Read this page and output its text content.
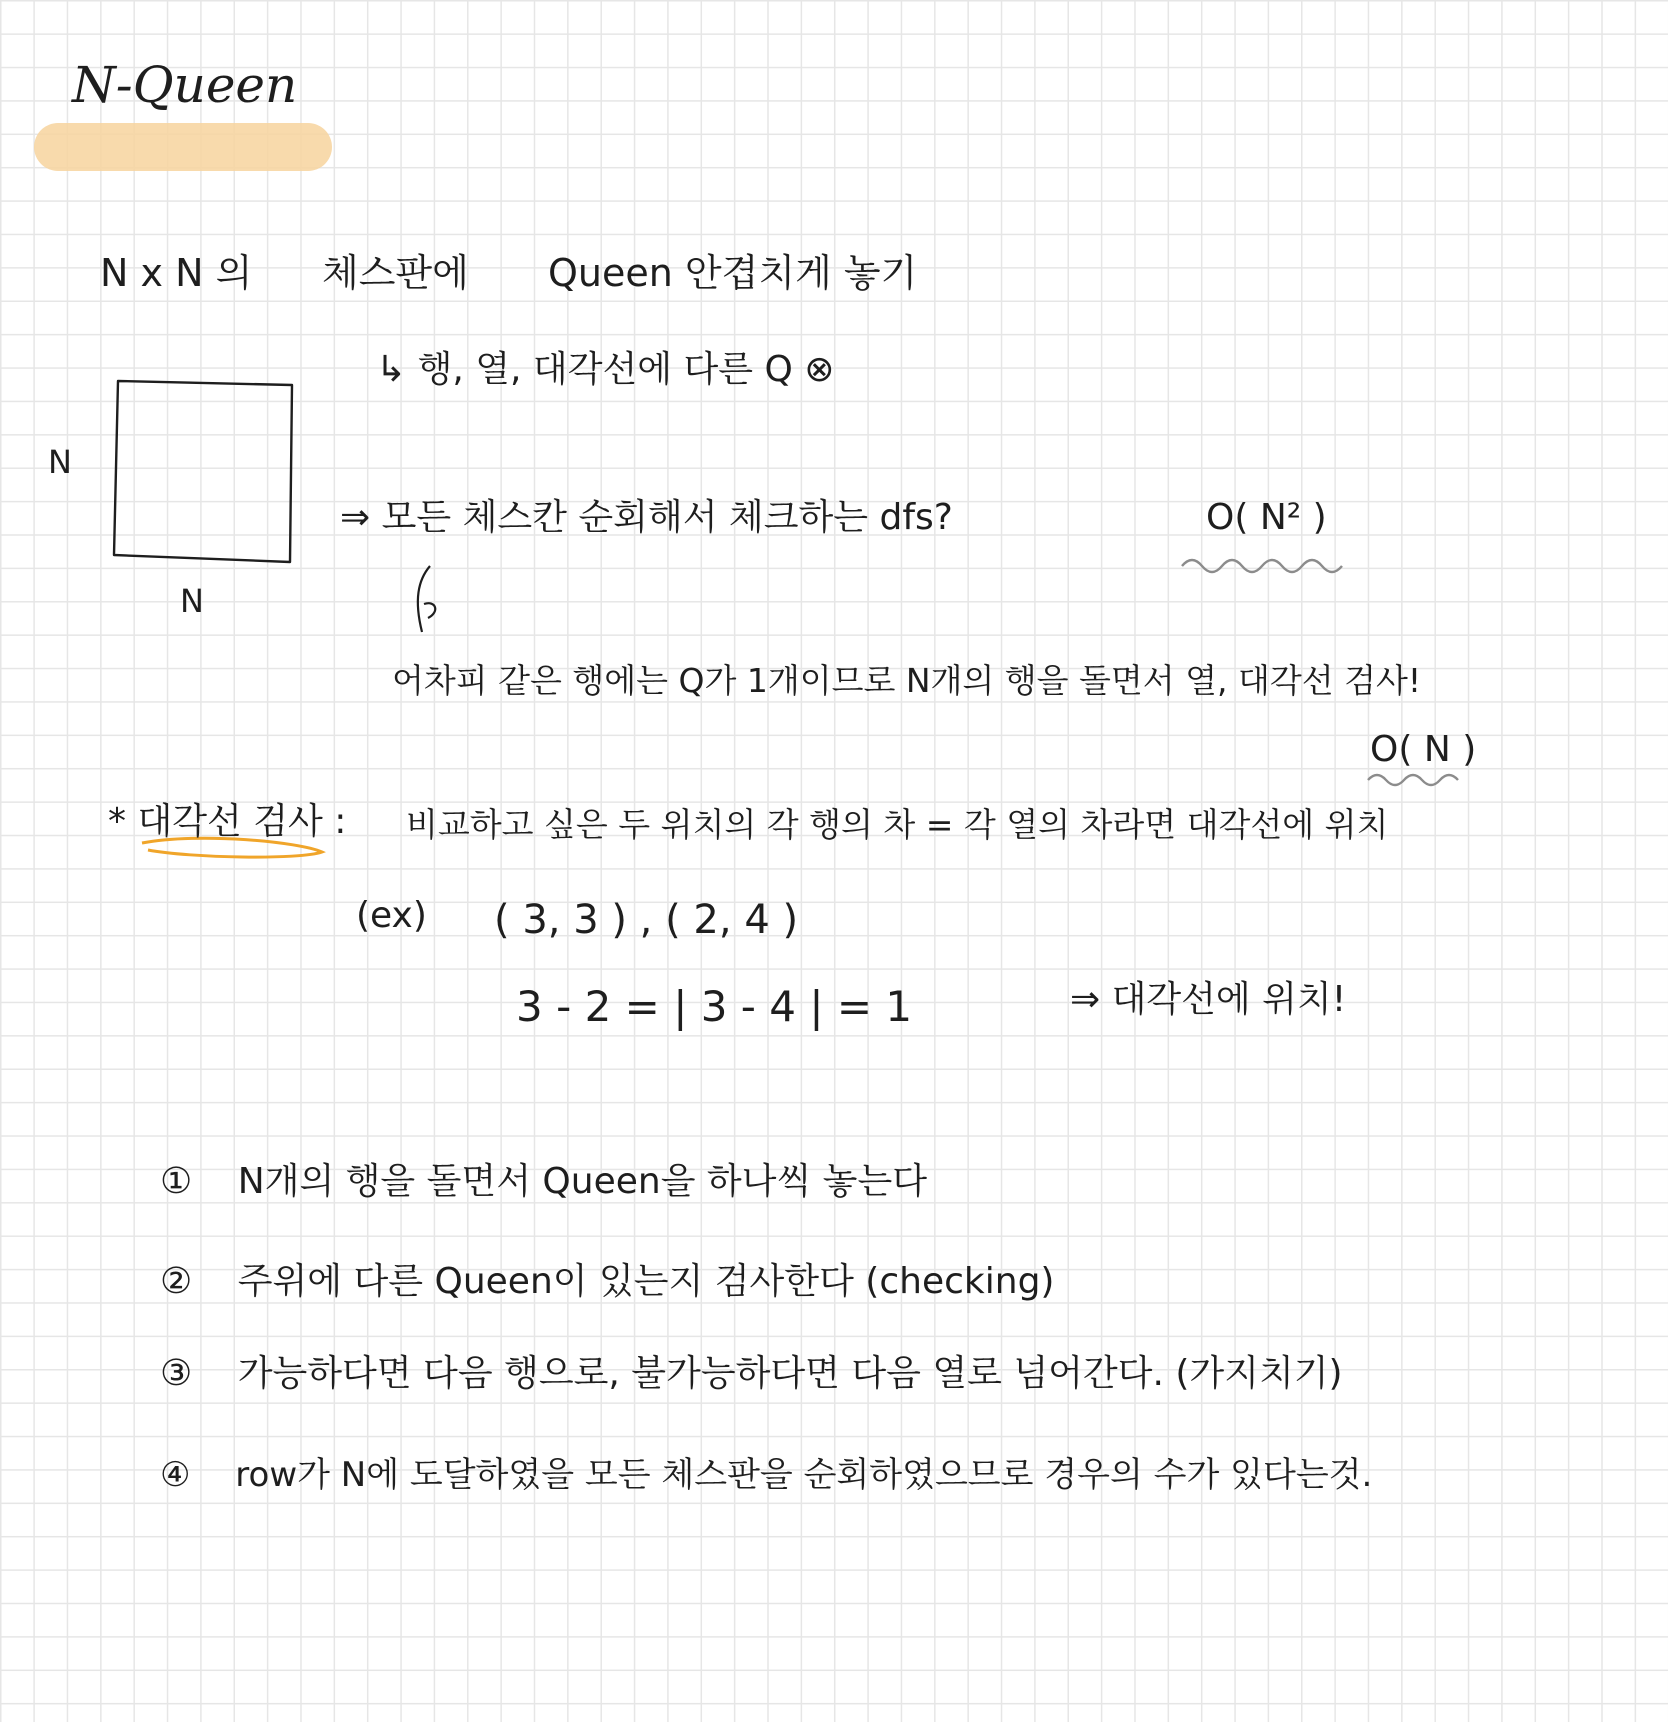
N-Queen
N x N 의 체스판에 Queen 안겹치게 놓기
N
N
↳ 행, 열, 대각선에 다른 Q ⊗
⇒ 모든 체스칸 순회해서 체크하는 dfs?	O( N² )
어차피 같은 행에는 Q가 1개이므로 N개의 행을 돌면서 열, 대각선 검사!
O( N )
* 대각선 검사 : 비교하고 싶은 두 위치의 각 행의 차 = 각 열의 차라면 대각선에 위치
(ex) ( 3, 3 ) , ( 2, 4 )
3 - 2 = | 3 - 4 | = 1	⇒ 대각선에 위치!
① N개의 행을 돌면서 Queen을 하나씩 놓는다
② 주위에 다른 Queen이 있는지 검사한다 (checking)
③ 가능하다면 다음 행으로, 불가능하다면 다음 열로 넘어간다. (가지치기)
④ row가 N에 도달하였을 모든 체스판을 순회하였으므로 경우의 수가 있다는것.
